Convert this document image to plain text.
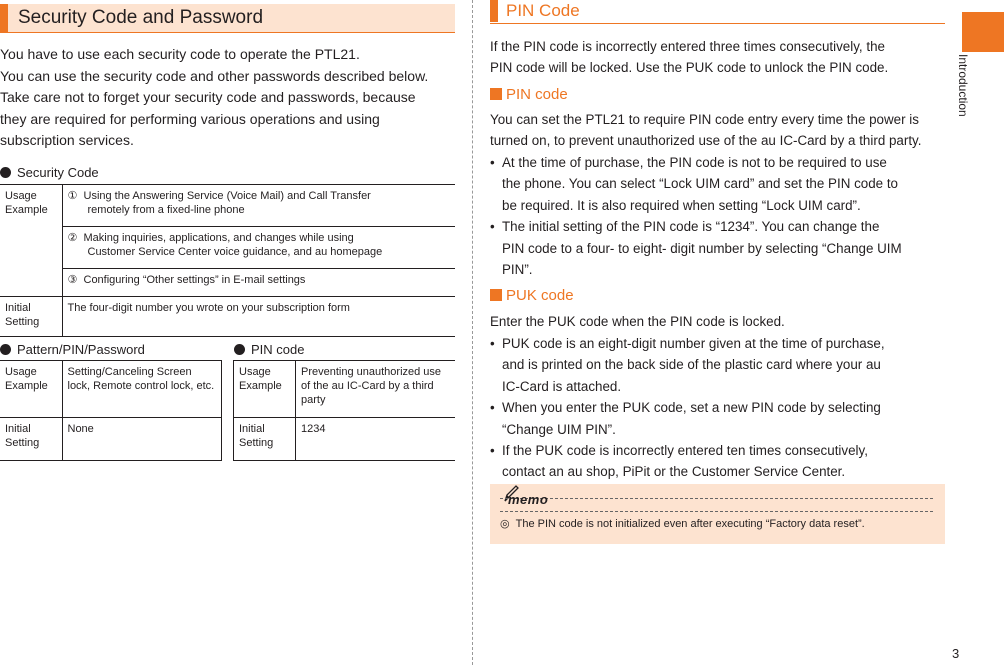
Security Code and Password
You have to use each security code to operate the PTL21.
You can use the security code and other passwords described below.
Take care not to forget your security code and passwords, because
they are required for performing various operations and using
subscription services.
Security Code
Usage Example	① Using the Answering Service (Voice Mail) and Call Transfer
remotely from a fixed-line phone

	② Making inquiries, applications, and changes while using
Customer Service Center voice guidance, and au homepage

	③ Configuring “Other settings” in E-mail settings

Initial Setting	The four-digit number you wrote on your subscription form
Pattern/PIN/Password
Usage Example	Setting/Canceling Screen lock, Remote control lock, etc.
Initial Setting	None
PIN code
Usage Example	Preventing unauthorized use of the au IC-Card by a third party
Initial Setting	1234
PIN Code
If the PIN code is incorrectly entered three times consecutively, the
PIN code will be locked. Use the PUK code to unlock the PIN code.
PIN code
You can set the PTL21 to require PIN code entry every time the power is
turned on, to prevent unauthorized use of the au IC-Card by a third party.
• At the time of purchase, the PIN code is not to be required to use
the phone. You can select “Lock UIM card” and set the PIN code to
be required. It is also required when setting “Lock UIM card”.
• The initial setting of the PIN code is “1234”. You can change the
PIN code to a four- to eight- digit number by selecting “Change UIM
PIN”.
PUK code
Enter the PUK code when the PIN code is locked.
• PUK code is an eight-digit number given at the time of purchase,
and is printed on the back side of the plastic card where your au
IC-Card is attached.
• When you enter the PUK code, set a new PIN code by selecting
“Change UIM PIN”.
• If the PUK code is incorrectly entered ten times consecutively,
contact an au shop, PiPit or the Customer Service Center.
memo
◎ The PIN code is not initialized even after executing “Factory data reset”.
Introduction
3
